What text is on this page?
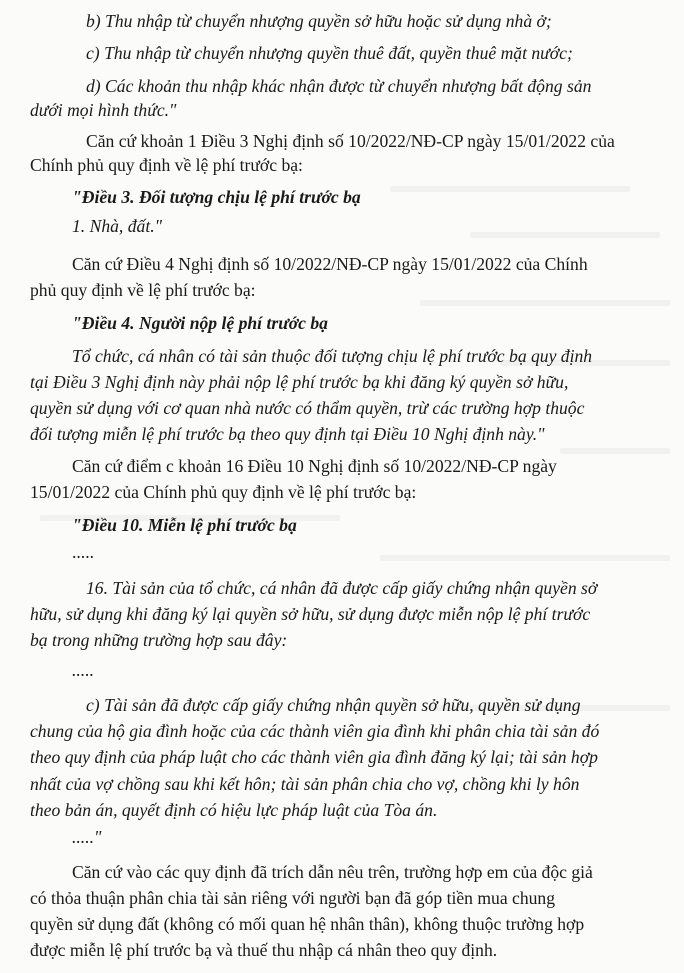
b) Thu nhập từ chuyển nhượng quyền sở hữu hoặc sử dụng nhà ở;
c) Thu nhập từ chuyển nhượng quyền thuê đất, quyền thuê mặt nước;
d) Các khoản thu nhập khác nhận được từ chuyển nhượng bất động sản
dưới mọi hình thức."
Căn cứ khoản 1 Điều 3 Nghị định số 10/2022/NĐ-CP ngày 15/01/2022 của
Chính phủ quy định về lệ phí trước bạ:
"Điều 3. Đối tượng chịu lệ phí trước bạ
1. Nhà, đất."
Căn cứ Điều 4 Nghị định số 10/2022/NĐ-CP ngày 15/01/2022 của Chính
phủ quy định về lệ phí trước bạ:
"Điều 4. Người nộp lệ phí trước bạ
Tổ chức, cá nhân có tài sản thuộc đối tượng chịu lệ phí trước bạ quy định
tại Điều 3 Nghị định này phải nộp lệ phí trước bạ khi đăng ký quyền sở hữu,
quyền sử dụng với cơ quan nhà nước có thẩm quyền, trừ các trường hợp thuộc
đối tượng miễn lệ phí trước bạ theo quy định tại Điều 10 Nghị định này."
Căn cứ điểm c khoản 16 Điều 10 Nghị định số 10/2022/NĐ-CP ngày
15/01/2022 của Chính phủ quy định về lệ phí trước bạ:
"Điều 10. Miễn lệ phí trước bạ
.....
16. Tài sản của tổ chức, cá nhân đã được cấp giấy chứng nhận quyền sở
hữu, sử dụng khi đăng ký lại quyền sở hữu, sử dụng được miễn nộp lệ phí trước
bạ trong những trường hợp sau đây:
.....
c) Tài sản đã được cấp giấy chứng nhận quyền sở hữu, quyền sử dụng
chung của hộ gia đình hoặc của các thành viên gia đình khi phân chia tài sản đó
theo quy định của pháp luật cho các thành viên gia đình đăng ký lại; tài sản hợp
nhất của vợ chồng sau khi kết hôn; tài sản phân chia cho vợ, chồng khi ly hôn
theo bản án, quyết định có hiệu lực pháp luật của Tòa án.
....."
Căn cứ vào các quy định đã trích dẫn nêu trên, trường hợp em của độc giả
có thỏa thuận phân chia tài sản riêng với người bạn đã góp tiền mua chung
quyền sử dụng đất (không có mối quan hệ nhân thân), không thuộc trường hợp
được miễn lệ phí trước bạ và thuế thu nhập cá nhân theo quy định.
